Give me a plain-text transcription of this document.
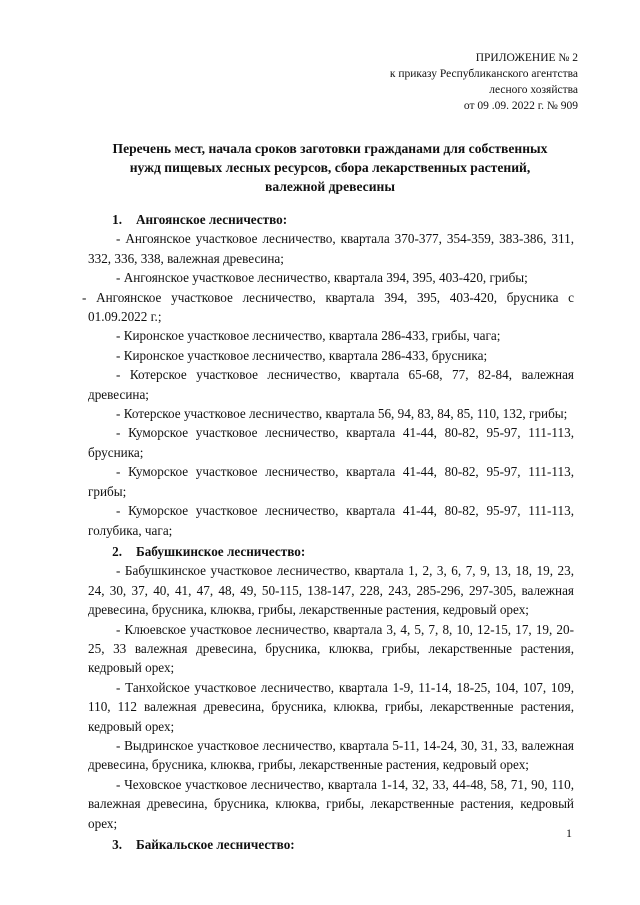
ПРИЛОЖЕНИЕ № 2
к приказу Республиканского агентства
лесного хозяйства
от 09 .09. 2022 г. № 909
Перечень мест, начала сроков заготовки гражданами для собственных
нужд пищевых лесных ресурсов, сбора лекарственных растений,
валежной древесины
1. Ангоянское лесничество:

- Ангоянское участковое лесничество, квартала 370-377, 354-359, 383-386, 311, 332, 336, 338, валежная древесина;

- Ангоянское участковое лесничество, квартала 394, 395, 403-420, грибы;

- Ангоянское участковое лесничество, квартала 394, 395, 403-420, брусника с 01.09.2022 г.;

- Киронское участковое лесничество, квартала 286-433, грибы, чага;

- Киронское участковое лесничество, квартала 286-433, брусника;

- Котерское участковое лесничество, квартала 65-68, 77, 82-84, валежная древесина;

- Котерское участковое лесничество, квартала 56, 94, 83, 84, 85, 110, 132, грибы;

- Куморское участковое лесничество, квартала 41-44, 80-82, 95-97, 111-113, брусника;

- Куморское участковое лесничество, квартала 41-44, 80-82, 95-97, 111-113, грибы;

- Куморское участковое лесничество, квартала 41-44, 80-82, 95-97, 111-113, голубика, чага;

2. Бабушкинское лесничество:

- Бабушкинское участковое лесничество, квартала 1, 2, 3, 6, 7, 9, 13, 18, 19, 23, 24, 30, 37, 40, 41, 47, 48, 49, 50-115, 138-147, 228, 243, 285-296, 297-305, валежная древесина, брусника, клюква, грибы, лекарственные растения, кедровый орех;

- Клюевское участковое лесничество, квартала 3, 4, 5, 7, 8, 10, 12-15, 17, 19, 20-25, 33 валежная древесина, брусника, клюква, грибы, лекарственные растения, кедровый орех;

- Танхойское участковое лесничество, квартала 1-9, 11-14, 18-25, 104, 107, 109, 110, 112 валежная древесина, брусника, клюква, грибы, лекарственные растения, кедровый орех;

- Выдринское участковое лесничество, квартала 5-11, 14-24, 30, 31, 33, валежная древесина, брусника, клюква, грибы, лекарственные растения, кедровый орех;

- Чеховское участковое лесничество, квартала 1-14, 32, 33, 44-48, 58, 71, 90, 110, валежная древесина, брусника, клюква, грибы, лекарственные растения, кедровый орех;

3. Байкальское лесничество:
1
